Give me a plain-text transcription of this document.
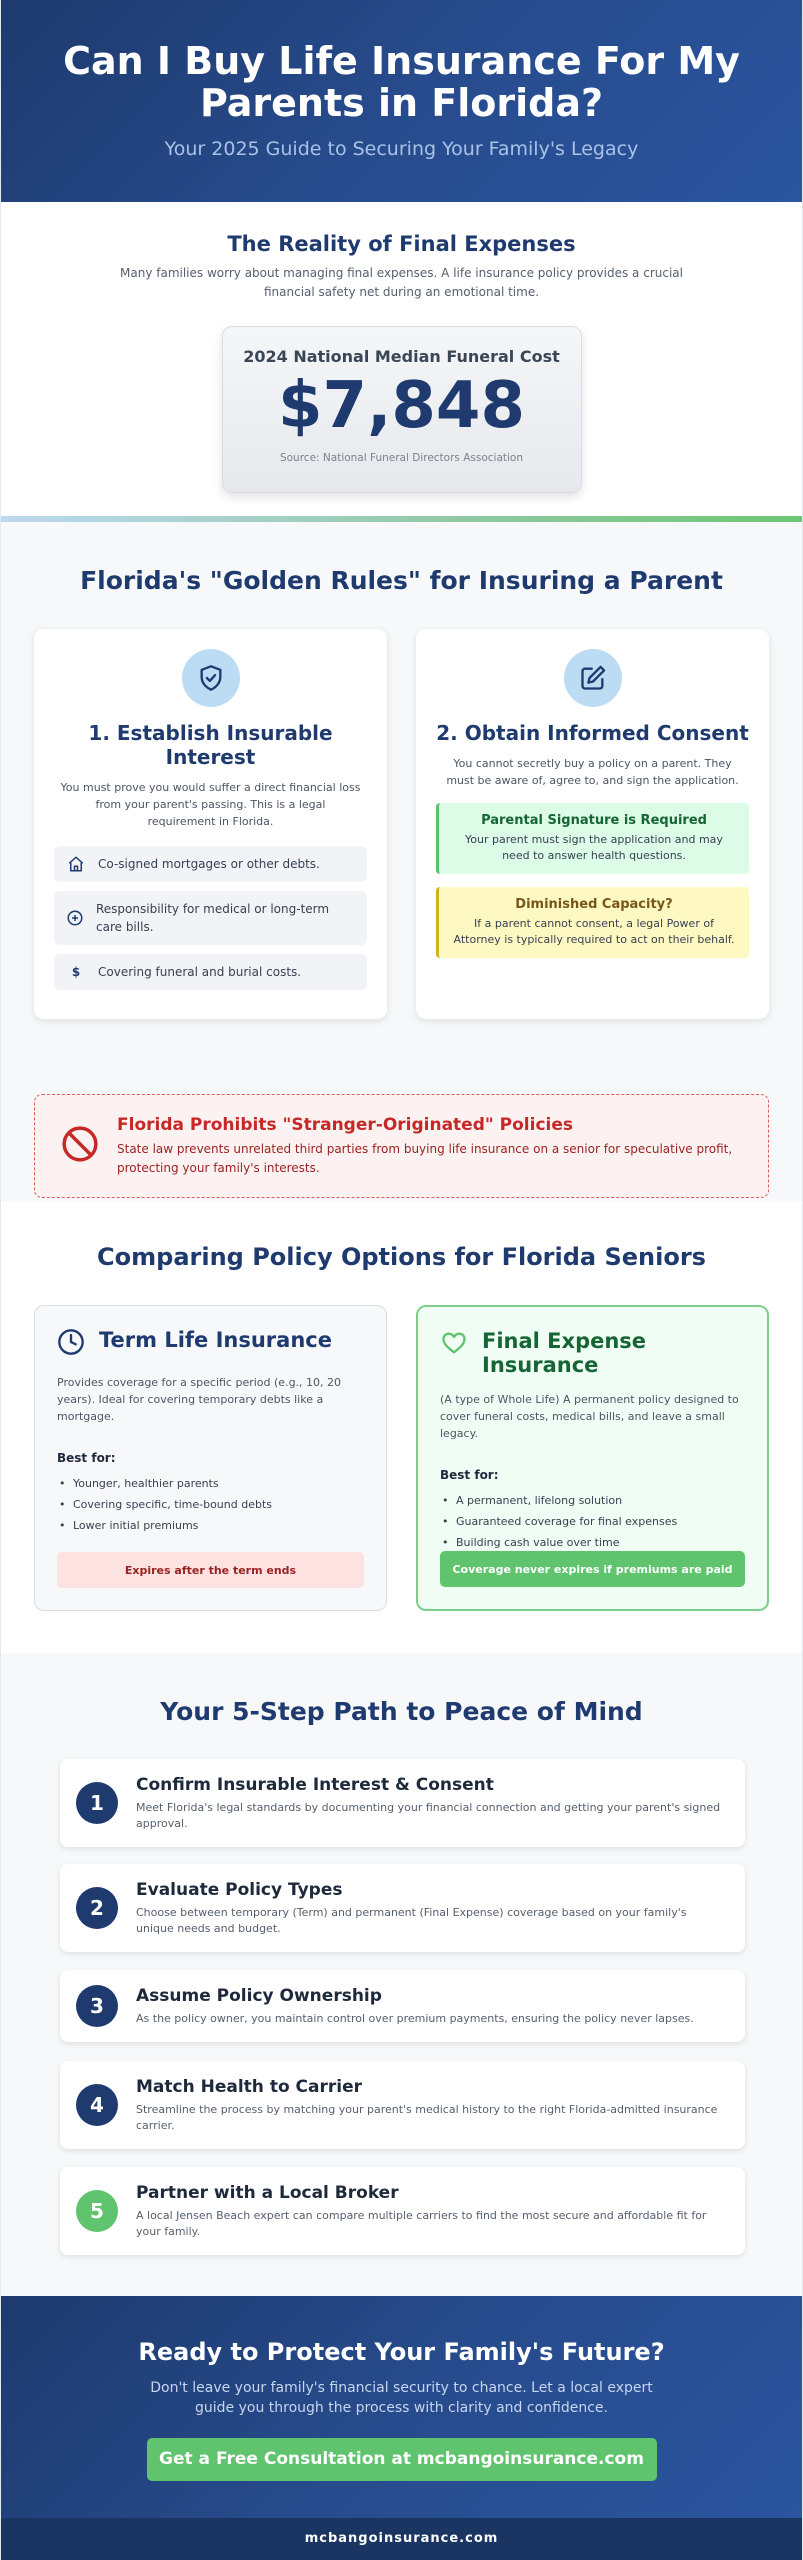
Can I Buy Life Insurance For My Parents in Florida?
Your 2025 Guide to Securing Your Family's Legacy
The Reality of Final Expenses

Many families worry about managing final expenses. A life insurance policy provides a crucial financial safety net during an emotional time.

2024 National Median Funeral Cost
$7,848
Source: National Funeral Directors Association
Florida's "Golden Rules" for Insuring a Parent
1. Establish Insurable Interest

You must prove you would suffer a direct financial loss from your parent's passing. This is a legal requirement in Florida.

Co-signed mortgages or other debts.
Responsibility for medical or long-term care bills.
$	Covering funeral and burial costs.
2. Obtain Informed Consent

You cannot secretly buy a policy on a parent. They must be aware of, agree to, and sign the application.

Parental Signature is Required
Your parent must sign the application and may need to answer health questions.
Diminished Capacity?
If a parent cannot consent, a legal Power of Attorney is typically required to act on their behalf.
Florida Prohibits "Stranger-Originated" Policies
State law prevents unrelated third parties from buying life insurance on a senior for speculative profit, protecting your family's interests.
Comparing Policy Options for Florida Seniors
Term Life Insurance

Provides coverage for a specific period (e.g., 10, 20 years). Ideal for covering temporary debts like a mortgage.

Best for:
• Younger, healthier parents
• Covering specific, time-bound debts
• Lower initial premiums
Expires after the term ends
Final Expense Insurance

(A type of Whole Life) A permanent policy designed to cover funeral costs, medical bills, and leave a small legacy.

Best for:
• A permanent, lifelong solution
• Guaranteed coverage for final expenses
• Building cash value over time
Coverage never expires if premiums are paid
Your 5-Step Path to Peace of Mind
1
Confirm Insurable Interest & Consent
Meet Florida's legal standards by documenting your financial connection and getting your parent's signed approval.
2
Evaluate Policy Types
Choose between temporary (Term) and permanent (Final Expense) coverage based on your family's unique needs and budget.
3	Assume Policy Ownership
As the policy owner, you maintain control over premium payments, ensuring the policy never lapses.
4
Match Health to Carrier
Streamline the process by matching your parent's medical history to the right Florida-admitted insurance carrier.
5
Partner with a Local Broker
A local Jensen Beach expert can compare multiple carriers to find the most secure and affordable fit for your family.
Ready to Protect Your Family's Future?

Don't leave your family's financial security to chance. Let a local expert guide you through the process with clarity and confidence.

Get a Free Consultation at mcbangoinsurance.com
mcbangoinsurance.com
